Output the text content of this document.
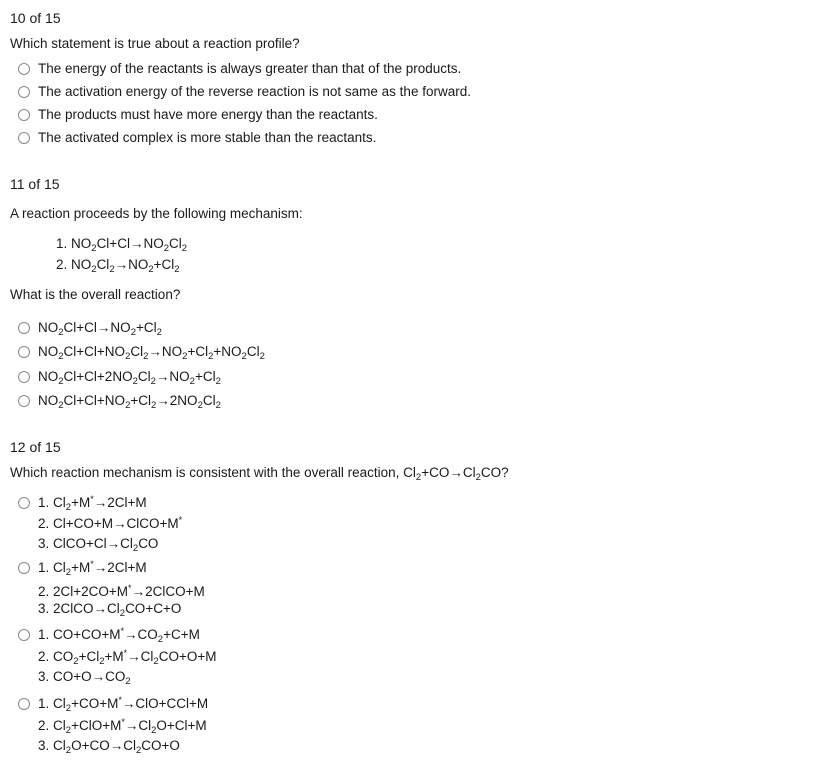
10 of 15
Which statement is true about a reaction profile?
The energy of the reactants is always greater than that of the products.
The activation energy of the reverse reaction is not same as the forward.
The products must have more energy than the reactants.
The activated complex is more stable than the reactants.
11 of 15
A reaction proceeds by the following mechanism:
1. $NO_2Cl+Cl\to NO_2Cl_2$
2. $NO_2Cl_2\to NO_2+Cl_2$
What is the overall reaction?
$NO_2Cl+Cl\to NO_2+Cl_2$
$NO_2Cl+Cl+NO_2Cl_2\to NO_2+Cl_2+NO_2Cl_2$
$NO_2Cl+Cl+2NO_2Cl_2\to NO_2+Cl_2$
$NO_2Cl+Cl+NO_2+Cl_2\to 2NO_2Cl_2$
12 of 15
Which reaction mechanism is consistent with the overall reaction, $Cl_2+CO\to Cl_2CO$?
1. $Cl_2+M^*\to 2Cl+M$
2. Cl+CO+M→ClCO+M*
3. $ClCO+Cl\to Cl_2CO$
1. $Cl_2+M^*\to 2Cl+M$
2. 2Cl+2CO+M*→2ClCO+M
3. $2ClCO\to Cl_2CO+C+O$
1. $CO+CO+M^*\to CO_2+C+M$
2. $CO_2+Cl_2+M^*\to Cl_2CO+O+M$
3. $CO+O\to CO_2$
1. $Cl_2+CO+M^*\to ClO+CCl+M$
2. $Cl_2+ClO+M^*\to Cl_2O+Cl+M$
3. $Cl_2O+CO\to Cl_2CO+O$
